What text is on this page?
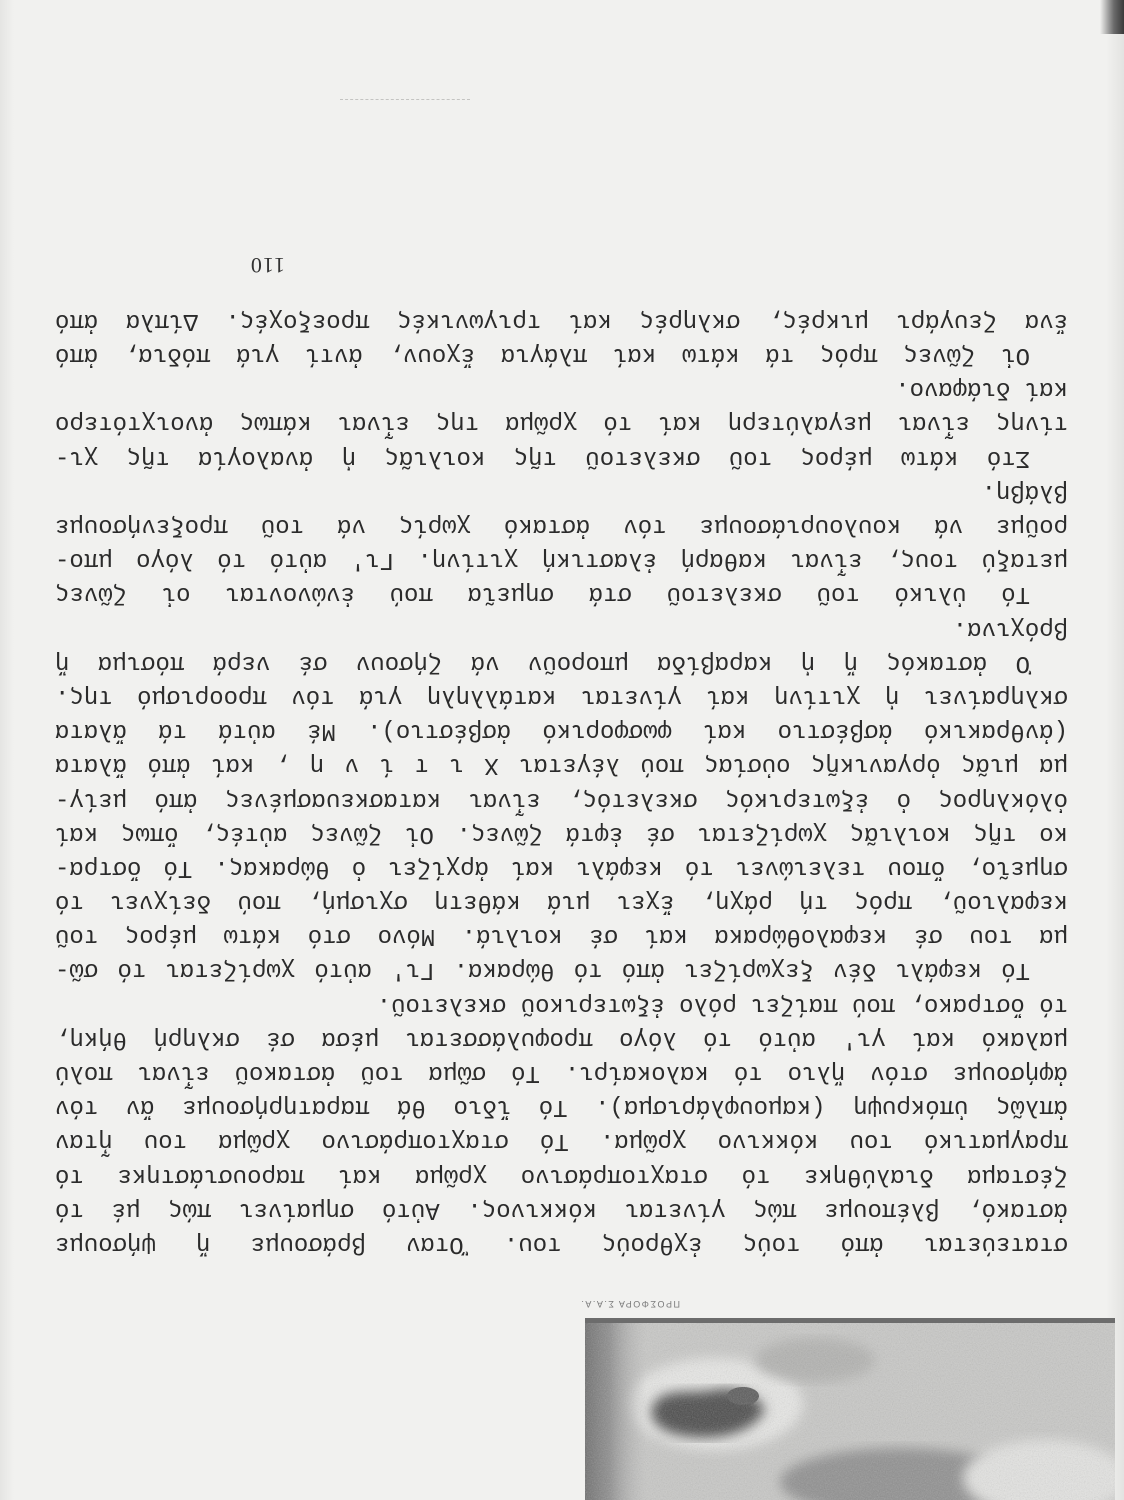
ΠΡΟΣΦΟΡΑ Σ.Α.Α.
στατεύεται ἀπό τούς ἐχθρούς του. Ὅταν βράσουμε ἤ ψήσουμε
ἀστακό, βλέπουμε πώς γίνεται κόκκινος. Αὐτό σημαίνει πώς μέ τό
ζέσταμα διαλύθηκε τό σταχτοπράσινο χρῶμα καί παρουσιάστηκε τό
πραγματικό του κόκκινο χρῶμα. Τό σταχτοπράσινο χρῶμα του ἦταν
ἁπλῶς ὑπόκρυψη (καμουφλάρισμα). Τό ἴδιο θά παρατηρήσουμε ἄν τόν
ἀφήσουμε στόν ἥλιο τό καλοκαίρι. Τό σῶμα τοῦ ἀστακοῦ εἶναι πολύ
μαλακό καί γι' αὐτό τό λόγο προφυλάσσεται μέσα σέ σκληρή θήκη,
τό ὄστρακο, πού παίζει ρόλο ἐξωτερικοῦ σκελετοῦ.
Τό κεφάλι δέν ξεχωρίζει ἀπό τό θώρακα. Γι' αὐτό χωρίζεται τό σῶ-
μα του σέ κεφαλοθώρακα καί σέ κοιλιά. Μόνο στό κάτω μέρος τοῦ
κεφαλιοῦ, πρός τή ράχη, ἔχει μιά κάθετη σχισμή, πού δείχνει τό
σημεῖο, ὅπου τελειώνει τό κεφάλι καί ἀρχίζει ὁ θώρακας. Τό ὄστρα-
κο τῆς κοιλιᾶς χωρίζεται σέ ἑφτά ζῶνες. Οἱ ζῶνες αὐτές, ὅπως καί
ὁλόκληρος ὁ ἐξωτερικός σκελετός, εἶναι κατασκευασμένες ἀπό μείγ-
μα μιᾶς ὀργανικῆς οὐσίας πού λέγεται Χ ι τ ί ν η , καί ἀπό ἄλατα
(ἀνθρακικό ἀσβέστιο καί φωσφορικό ἀσβέστιο). Μέ αὐτά τά ἄλατα
σκληραίνει ἡ χιτίνη καί γίνεται κατάλληλη γιά τόν προορισμό της.
Ὁ ἀστακός ἤ ἡ καραβίδα μποροῦν νά ζήσουν σέ νερά πόσιμα ἤ
βρόχινα.
Τό ὑλικό τοῦ σκελετοῦ στά σημεῖα πού ἑνώνονται οἱ ζῶνες
μεταξύ τους, εἶναι καθαρή ἐλαστική χιτίνη. Γι' αὐτό τό λόγο μπο-
ροῦμε νά κουλουριάσουμε τόν ἀστακό χωρίς νά τοῦ προξενήσουμε
βλάβη.
Στό κάτω μέρος τοῦ σκελετοῦ τῆς κοιλιᾶς ἡ ἀναλογία τῆς χι-
τίνης εἶναι μεγαλύτερη καί τό χρῶμα της εἶναι κάπως ἀνοιχτότερο
καί διάφανο.
Οἱ ζῶνες πρός τά κάτω καί πλάγια ἔχουν, ἀντί γιά πόδια, ἀπό
ἕνα ζευγάρι μικρές, σκληρές καί τριγωνικές προεξοχές. Δίπλα ἀπό
110
